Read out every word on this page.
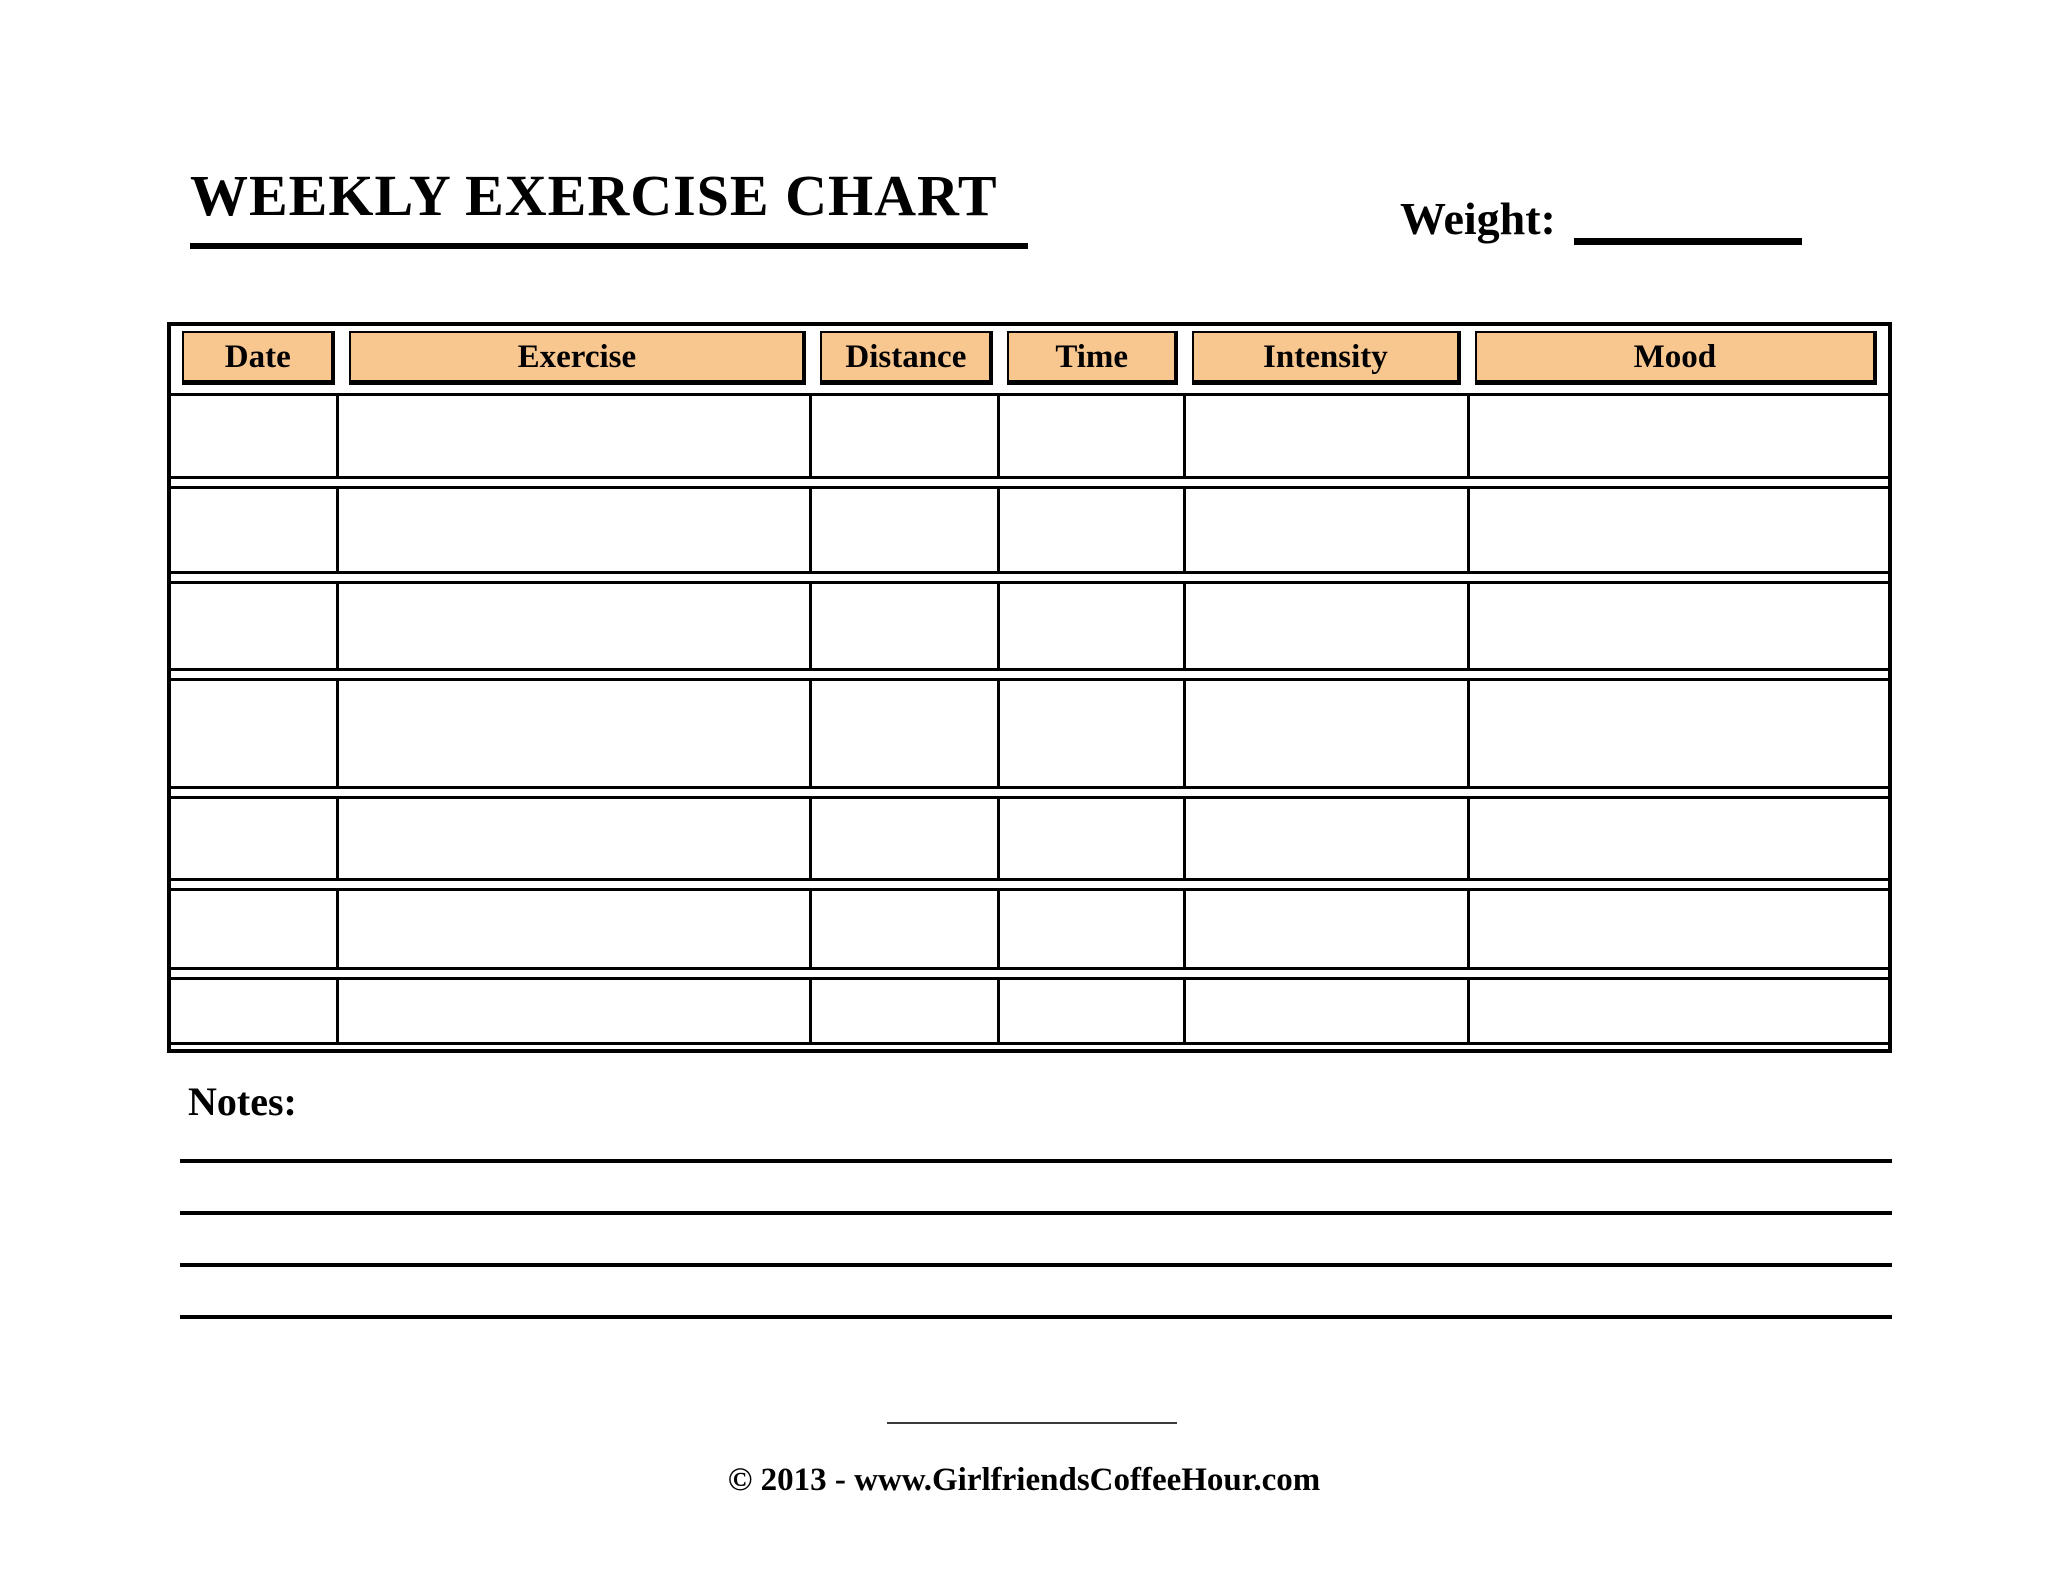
WEEKLY EXERCISE CHART	Weight:
Date	Exercise	Distance	Time	Intensity	Mood
Notes:
© 2013 - www.GirlfriendsCoffeeHour.com
